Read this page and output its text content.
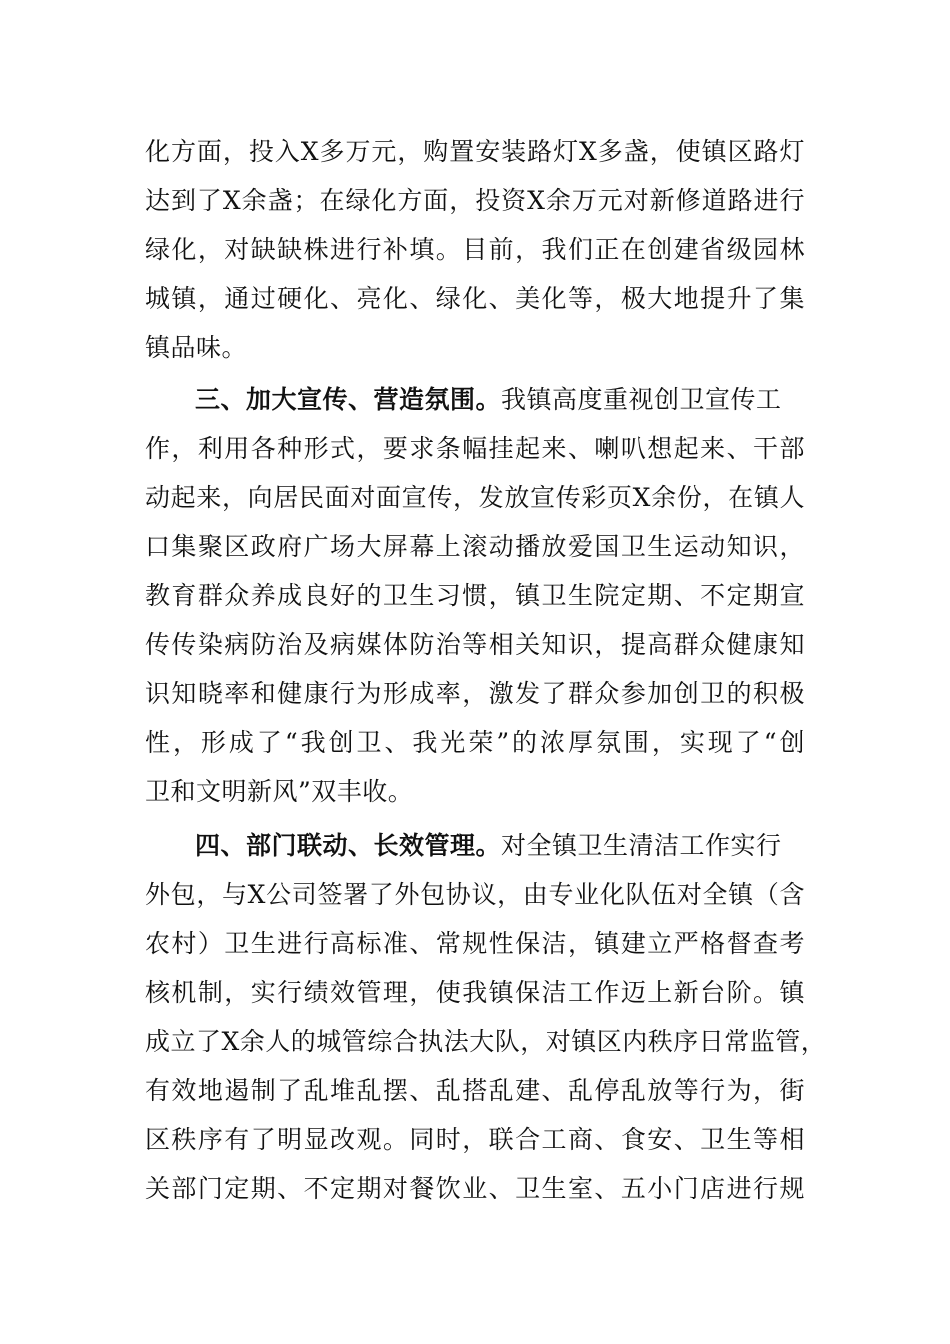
化方面，投入X多万元，购置安装路灯X多盏，使镇区路灯
达到了X余盏；在绿化方面，投资X余万元对新修道路进行
绿化，对缺缺株进行补填。目前，我们正在创建省级园林
城镇，通过硬化、亮化、绿化、美化等，极大地提升了集
镇品味。
三、加大宣传、营造氛围。我镇高度重视创卫宣传工
作，利用各种形式，要求条幅挂起来、喇叭想起来、干部
动起来，向居民面对面宣传，发放宣传彩页X余份，在镇人
口集聚区政府广场大屏幕上滚动播放爱国卫生运动知识，
教育群众养成良好的卫生习惯，镇卫生院定期、不定期宣
传传染病防治及病媒体防治等相关知识，提高群众健康知
识知晓率和健康行为形成率，激发了群众参加创卫的积极
性，形成了“我创卫、我光荣”的浓厚氛围，实现了“创
卫和文明新风”双丰收。
四、部门联动、长效管理。对全镇卫生清洁工作实行
外包，与X公司签署了外包协议，由专业化队伍对全镇（含
农村）卫生进行高标准、常规性保洁，镇建立严格督查考
核机制，实行绩效管理，使我镇保洁工作迈上新台阶。镇
成立了X余人的城管综合执法大队，对镇区内秩序日常监管，
有效地遏制了乱堆乱摆、乱搭乱建、乱停乱放等行为，街
区秩序有了明显改观。同时，联合工商、食安、卫生等相
关部门定期、不定期对餐饮业、卫生室、五小门店进行规
